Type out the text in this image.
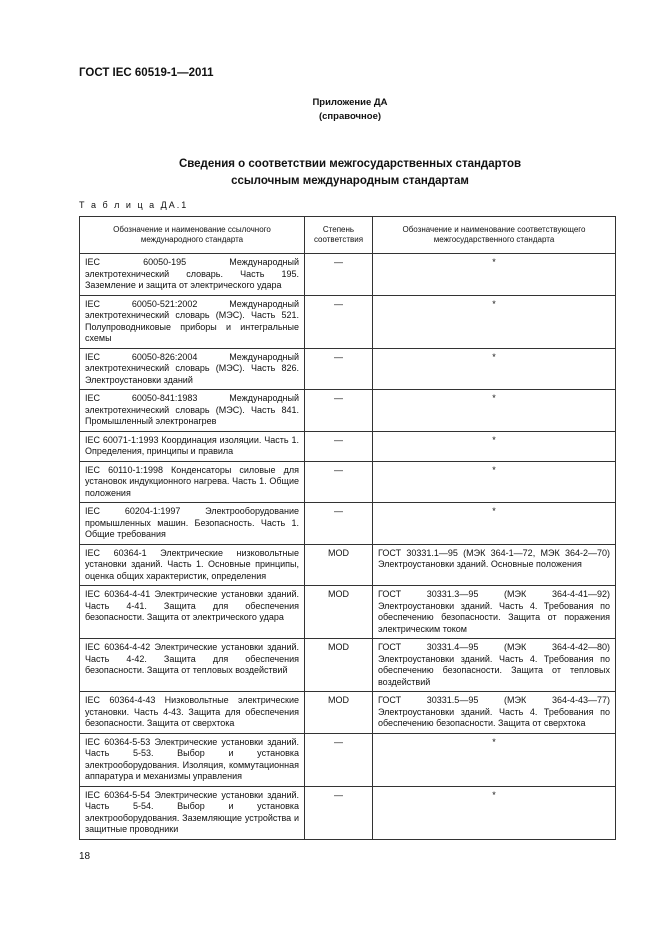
ГОСТ IEC 60519-1—2011
Приложение ДА
(справочное)
Сведения о соответствии межгосударственных стандартов
ссылочным международным стандартам
Т а б л и ц а ДА.1
Обозначение и наименование ссылочного международного стандарта	Степень соответствия	Обозначение и наименование соответствующего межгосударственного стандарта
IEC 60050-195 Международный электротехнический словарь. Часть 195. Заземление и защита от электрического удара	—	*
IEC 60050-521:2002 Международный электротехнический словарь (МЭС). Часть 521. Полупроводниковые приборы и интегральные схемы	—	*
IEC 60050-826:2004 Международный электротехнический словарь (МЭС). Часть 826. Электроустановки зданий	—	*
IEC 60050-841:1983 Международный электротехнический словарь (МЭС). Часть 841. Промышленный электронагрев	—	*
IEC 60071-1:1993 Координация изоляции. Часть 1. Определения, принципы и правила	—	*
IEC 60110-1:1998 Конденсаторы силовые для установок индукционного нагрева. Часть 1. Общие положения	—	*
IEC 60204-1:1997 Электрооборудование промышленных машин. Безопасность. Часть 1. Общие требования	—	*
IEC 60364-1 Электрические низковольтные установки зданий. Часть 1. Основные принципы, оценка общих характеристик, определения	MOD	ГОСТ 30331.1—95 (МЭК 364-1—72, МЭК 364-2—70) Электроустановки зданий. Основные положения
IEC 60364-4-41 Электрические установки зданий. Часть 4-41. Защита для обеспечения безопасности. Защита от электрического удара	MOD	ГОСТ 30331.3—95 (МЭК 364-4-41—92) Электроустановки зданий. Часть 4. Требования по обеспечению безопасности. Защита от поражения электрическим током
IEC 60364-4-42 Электрические установки зданий. Часть 4-42. Защита для обеспечения безопасности. Защита от тепловых воздействий	MOD	ГОСТ 30331.4—95 (МЭК 364-4-42—80) Электроустановки зданий. Часть 4. Требования по обеспечению безопасности. Защита от тепловых воздействий
IEC 60364-4-43 Низковольтные электрические установки. Часть 4-43. Защита для обеспечения безопасности. Защита от сверхтока	MOD	ГОСТ 30331.5—95 (МЭК 364-4-43—77) Электроустановки зданий. Часть 4. Требования по обеспечению безопасности. Защита от сверхтока
IEC 60364-5-53 Электрические установки зданий. Часть 5-53. Выбор и установка электрооборудования. Изоляция, коммутационная аппаратура и механизмы управления	—	*
IEC 60364-5-54 Электрические установки зданий. Часть 5-54. Выбор и установка электрооборудования. Заземляющие устройства и защитные проводники	—	*
18
